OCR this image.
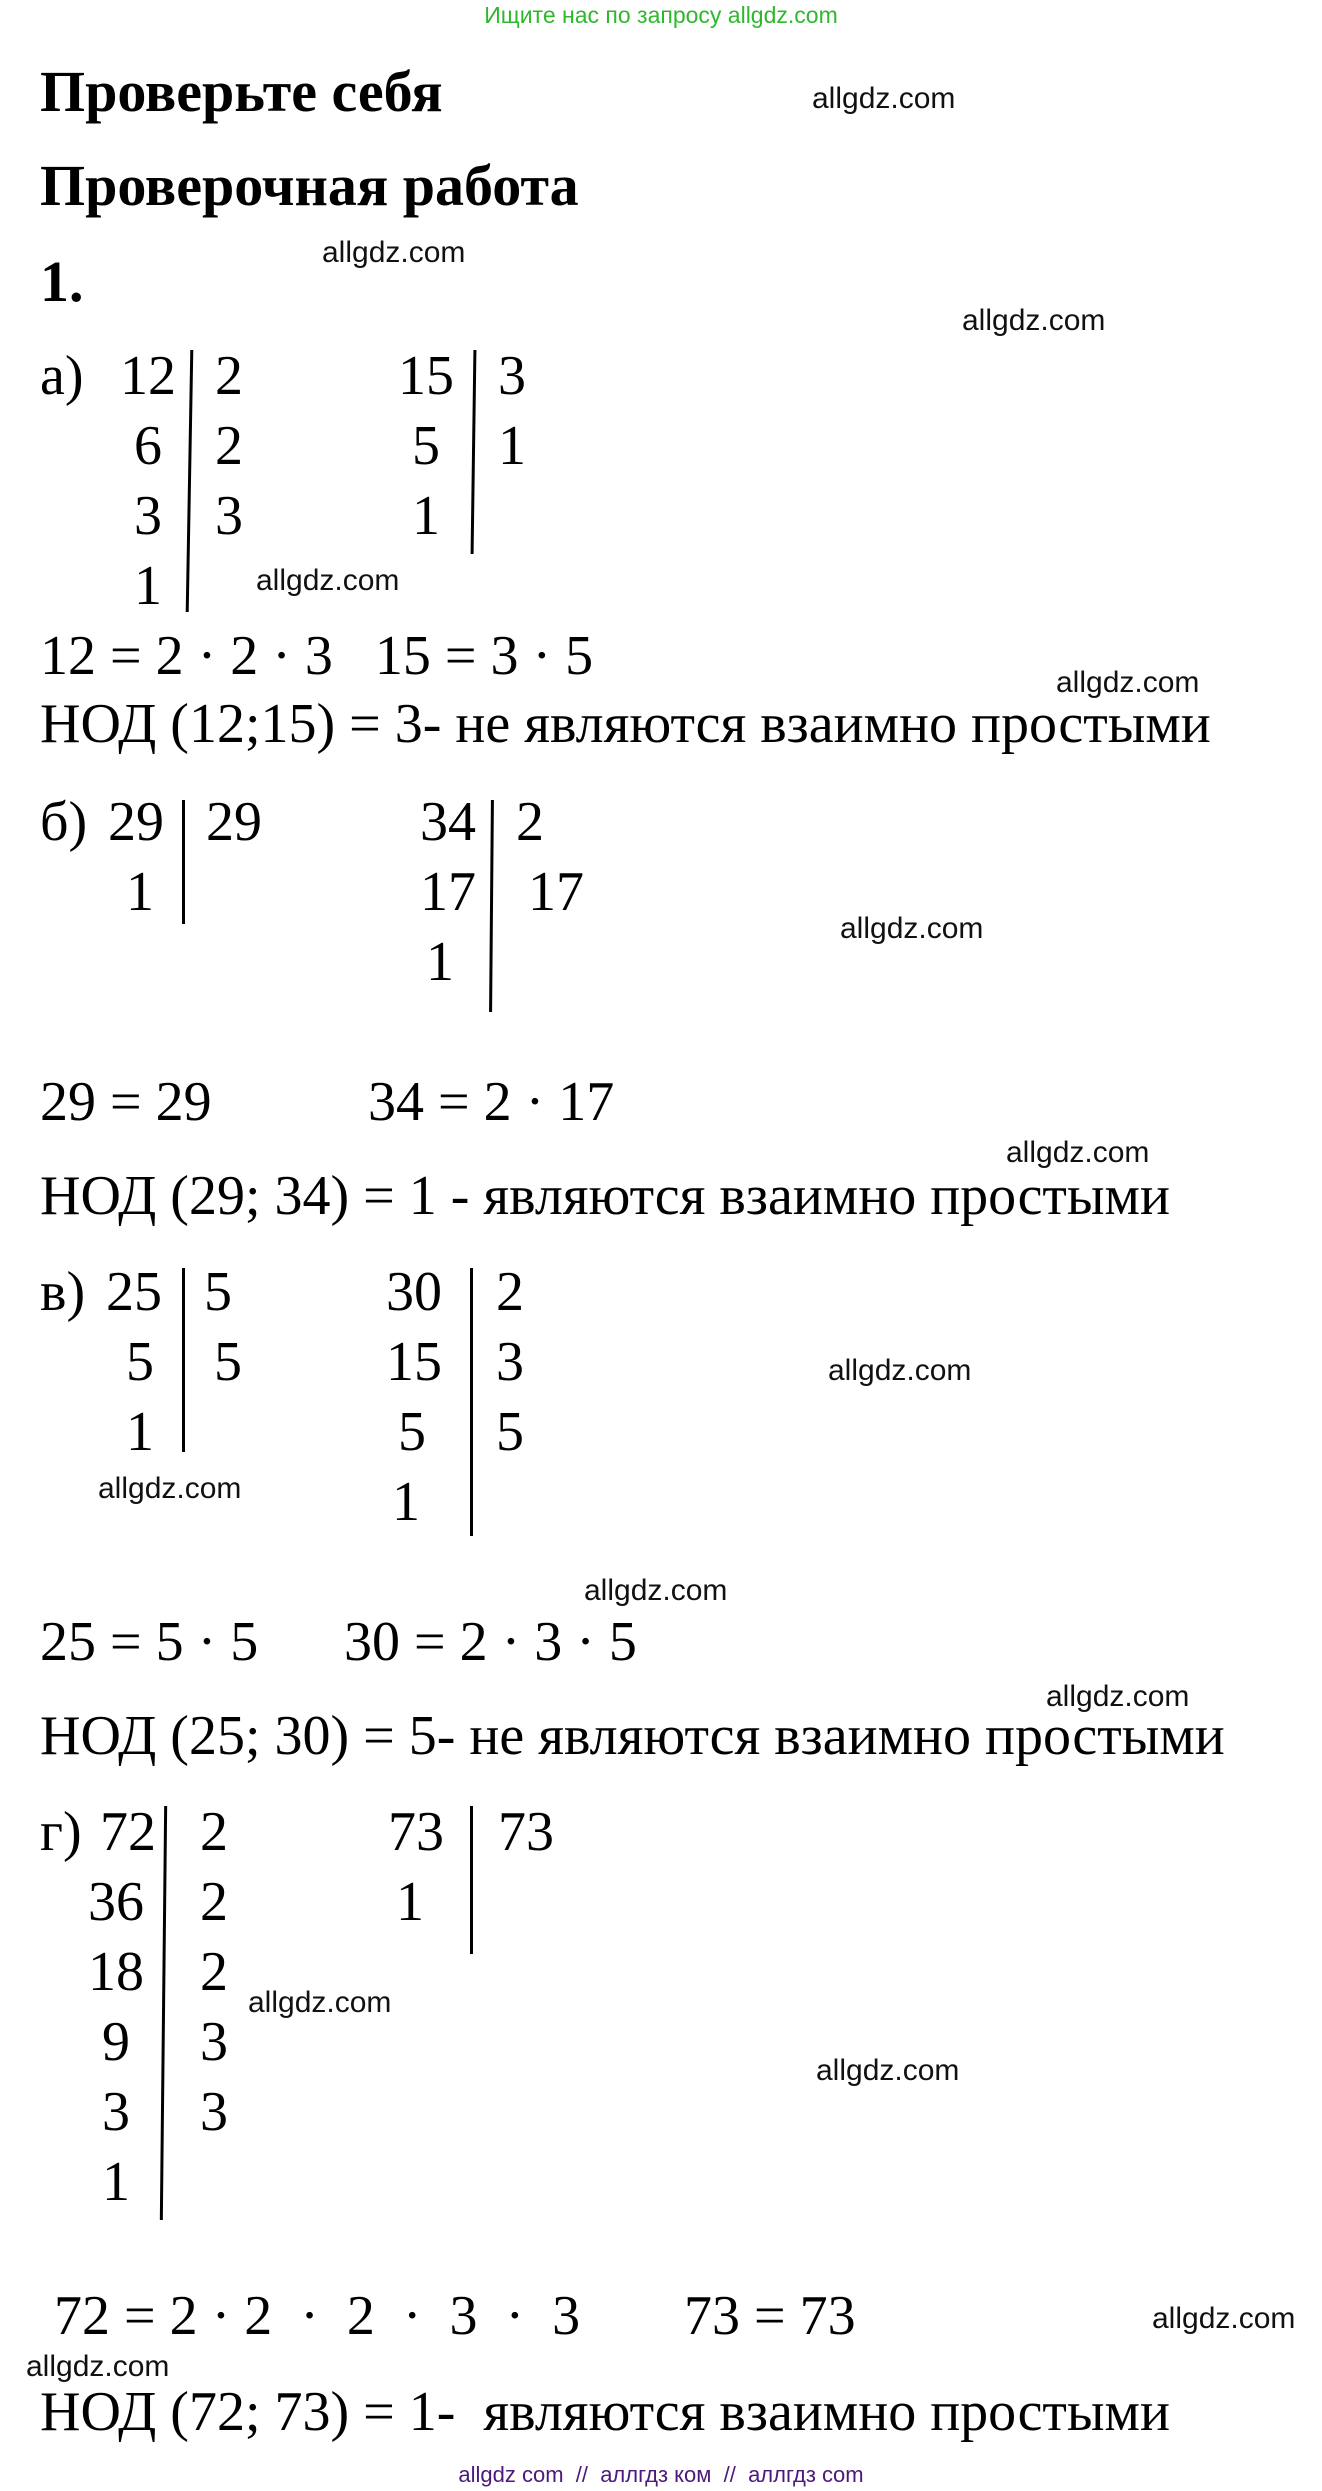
Ищите нас по запросу allgdz.com
Проверьте себя
Проверочная работа
1.
allgdz.com
allgdz.com
allgdz.com
allgdz.com
allgdz.com
allgdz.com
allgdz.com
allgdz.com
allgdz.com
allgdz.com
allgdz.com
allgdz.com
allgdz.com
allgdz.com
allgdz.com
а) 12
6
3
1
2
2
3
15
5
1
3
1
12 = 2 · 2 · 3   15 = 3 · 5
НОД (12;15) = 3- не являются взаимно простыми
б) 29
1
29	34
17
1
2
17
29 = 29	34 = 2 · 17
НОД (29; 34) = 1 - являются взаимно простыми
в) 25
5
1
5
5
30
15
5
1
2
3
5
25 = 5 · 5 30 = 2 · 3 · 5
НОД (25; 30) = 5- не являются взаимно простыми
г) 72
36
18
9
3
1
2
2
2
3
3
73
1
73
72 = 2 · 2  ·  2  ·  3  ·  3 73 = 73
НОД (72; 73) = 1-  являются взаимно простыми
allgdz com  //  аллгдз ком  //  аллгдз com
